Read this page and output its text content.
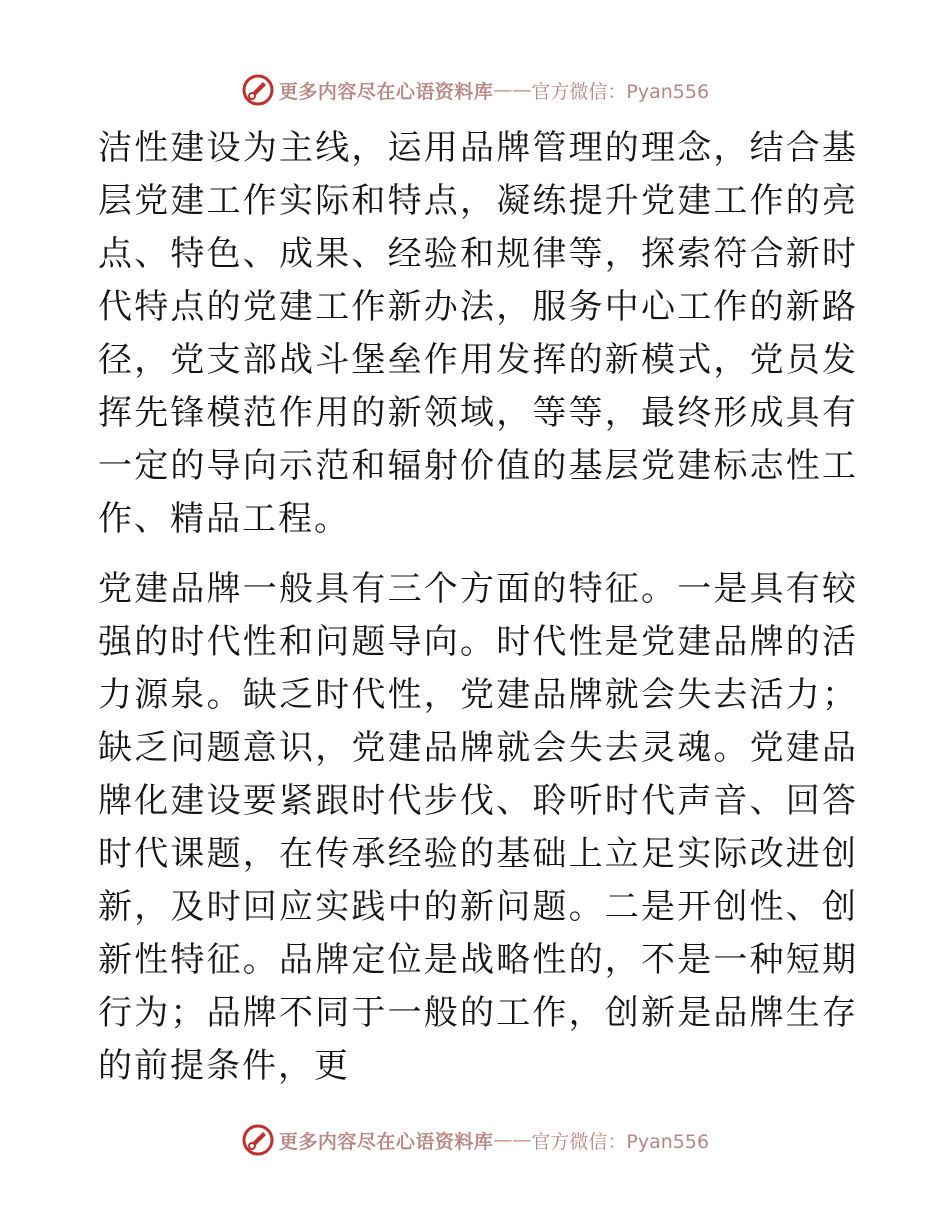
更多内容尽在心语资料库 —— 官方微信：Pyan556

洁性建设为主线，运用品牌管理的理念，结合基层党建工作实际和特点，凝练提升党建工作的亮点、特色、成果、经验和规律等，探索符合新时代特点的党建工作新办法，服务中心工作的新路径，党支部战斗堡垒作用发挥的新模式，党员发挥先锋模范作用的新领域，等等，最终形成具有一定的导向示范和辐射价值的基层党建标志性工作、精品工程。

党建品牌一般具有三个方面的特征。一是具有较强的时代性和问题导向。时代性是党建品牌的活力源泉。缺乏时代性，党建品牌就会失去活力；缺乏问题意识，党建品牌就会失去灵魂。党建品牌化建设要紧跟时代步伐、聆听时代声音、回答时代课题，在传承经验的基础上立足实际改进创新，及时回应实践中的新问题。二是开创性、创新性特征。品牌定位是战略性的，不是一种短期行为；品牌不同于一般的工作，创新是品牌生存的前提条件，更

更多内容尽在心语资料库 —— 官方微信：Pyan556
